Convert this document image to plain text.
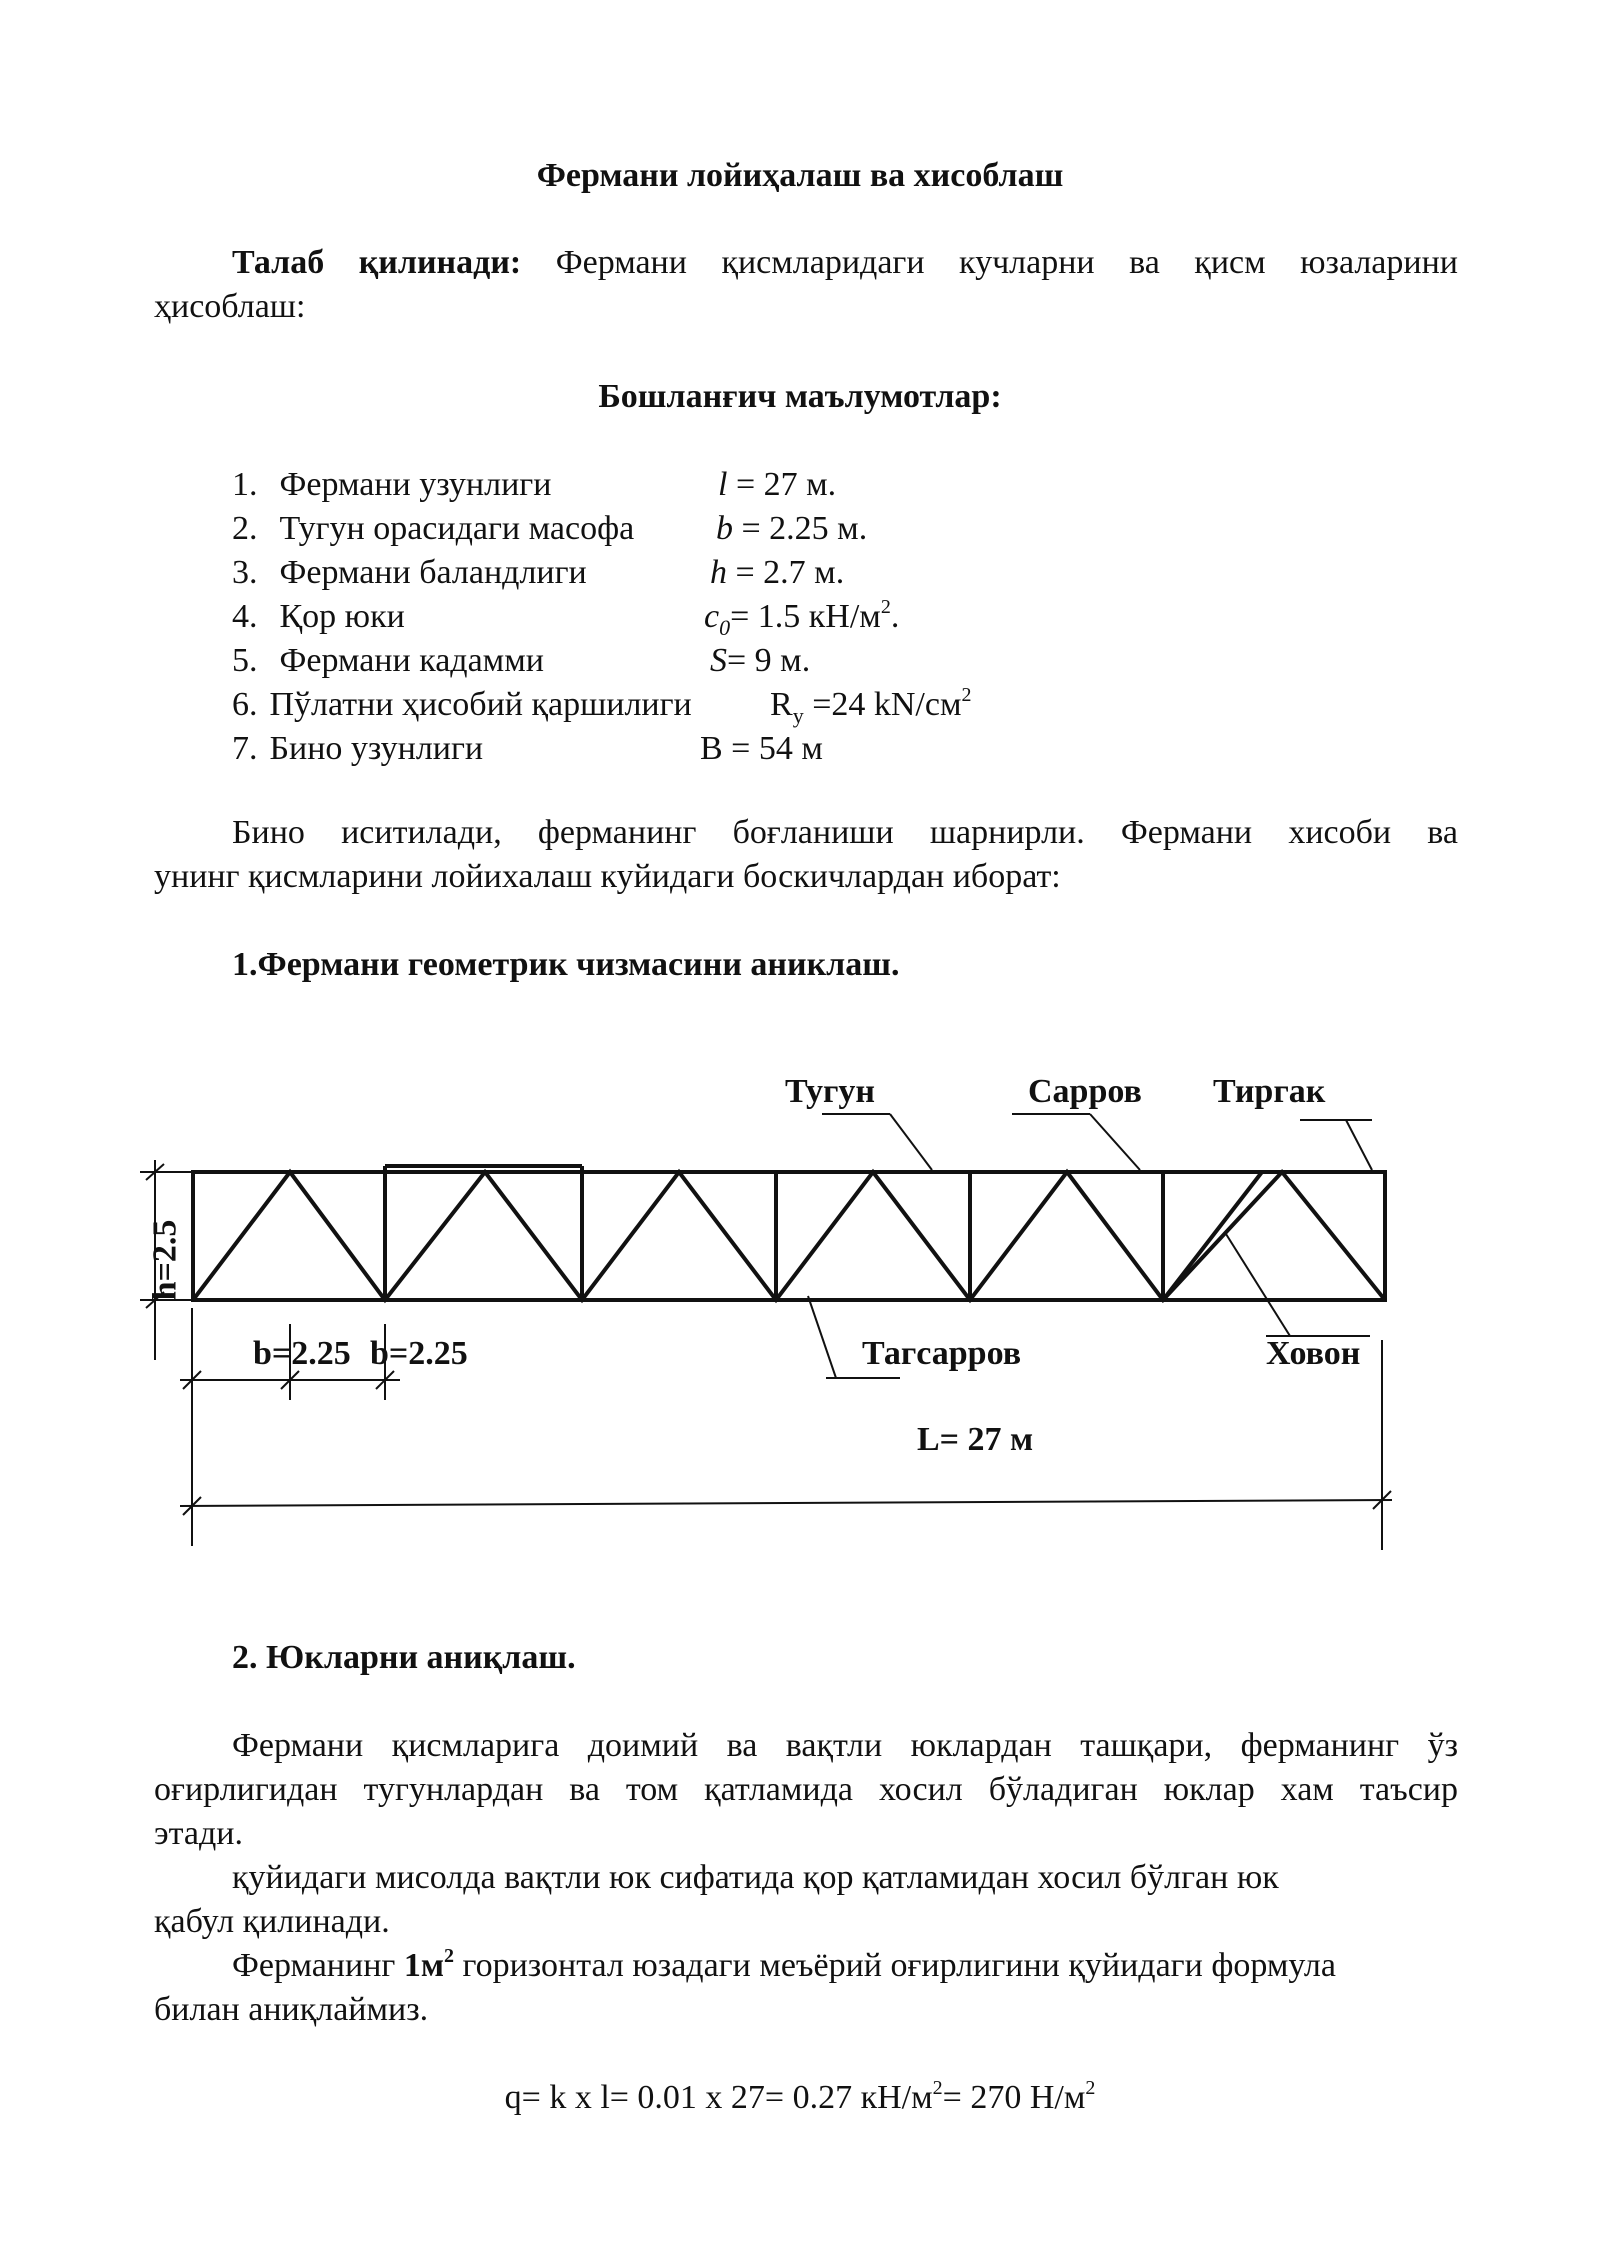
Фермани лойиҳалаш ва хисоблаш
Талаб қилинади: Фермани қисмларидаги кучларни ва қисм юзаларини
ҳисоблаш:
Бошланғич маълумотлар:
1. Фермани узунлиги	l = 27 м.
2. Тугун орасидаги масофа b = 2.25 м.
3. Фермани баландлиги	h = 2.7 м.
4. Қор юки	$c_0= 1.5$ $кН/м^2$.
5. Фермани кадамми	S= 9 м.
6. Пўлатни ҳисобий қаршилиги $R_y =24$ $kN/см^2$
7. Бино узунлиги	B = 54 м
Бино иситилади, ферманинг боғланиши шарнирли. Фермани хисоби ва
унинг қисмларини лойихалаш куйидаги боскичлардан иборат:
1.Фермани геометрик чизмасини аниклаш.
Тугун	Сарров Тиргак
Тагсарров	Ховон
h=2.5
b=2.25 b=2.25
L= 27 м
2. Юкларни аниқлаш.
Фермани қисмларига доимий ва вақтли юклардан ташқари, ферманинг ўз
оғирлигидан тугунлардан ва том қатламида хосил бўладиган юклар хам таъсир
этади.
қуйидаги мисолда вақтли юк сифатида қор қатламидан хосил бўлган юк
қабул қилинади.
Ферманинг $1м^2$ горизонтал юзадаги меъёрий оғирлигини қуйидаги формула
билан аниқлаймиз.
q= k x l= 0.01 x 27= 0.27 $кН/м^2= 270$ $Н/м^2$
